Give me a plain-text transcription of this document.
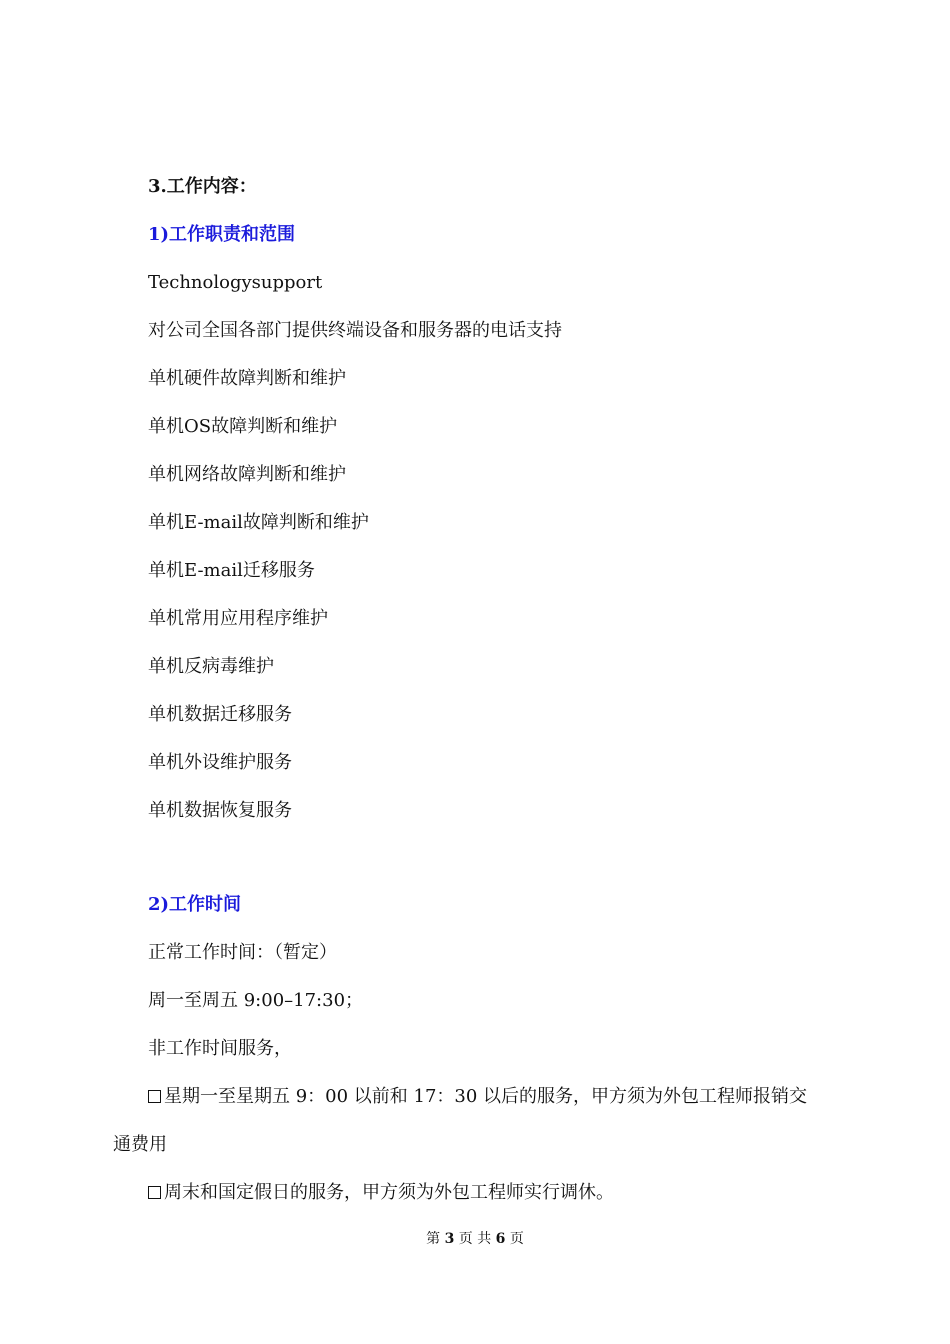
3.工作内容：
1)工作职责和范围
Technologysupport
对公司全国各部门提供终端设备和服务器的电话支持
单机硬件故障判断和维护
单机OS故障判断和维护
单机网络故障判断和维护
单机E-mail故障判断和维护
单机E-mail迁移服务
单机常用应用程序维护
单机反病毒维护
单机数据迁移服务
单机外设维护服务
单机数据恢复服务
2)工作时间
正常工作时间：（暂定）
周一至周五 9:00–17:30；
非工作时间服务，
星期一至星期五 9：00 以前和 17：30 以后的服务，甲方须为外包工程师报销交
通费用
周末和国定假日的服务，甲方须为外包工程师实行调休。
第 3 页 共 6 页
